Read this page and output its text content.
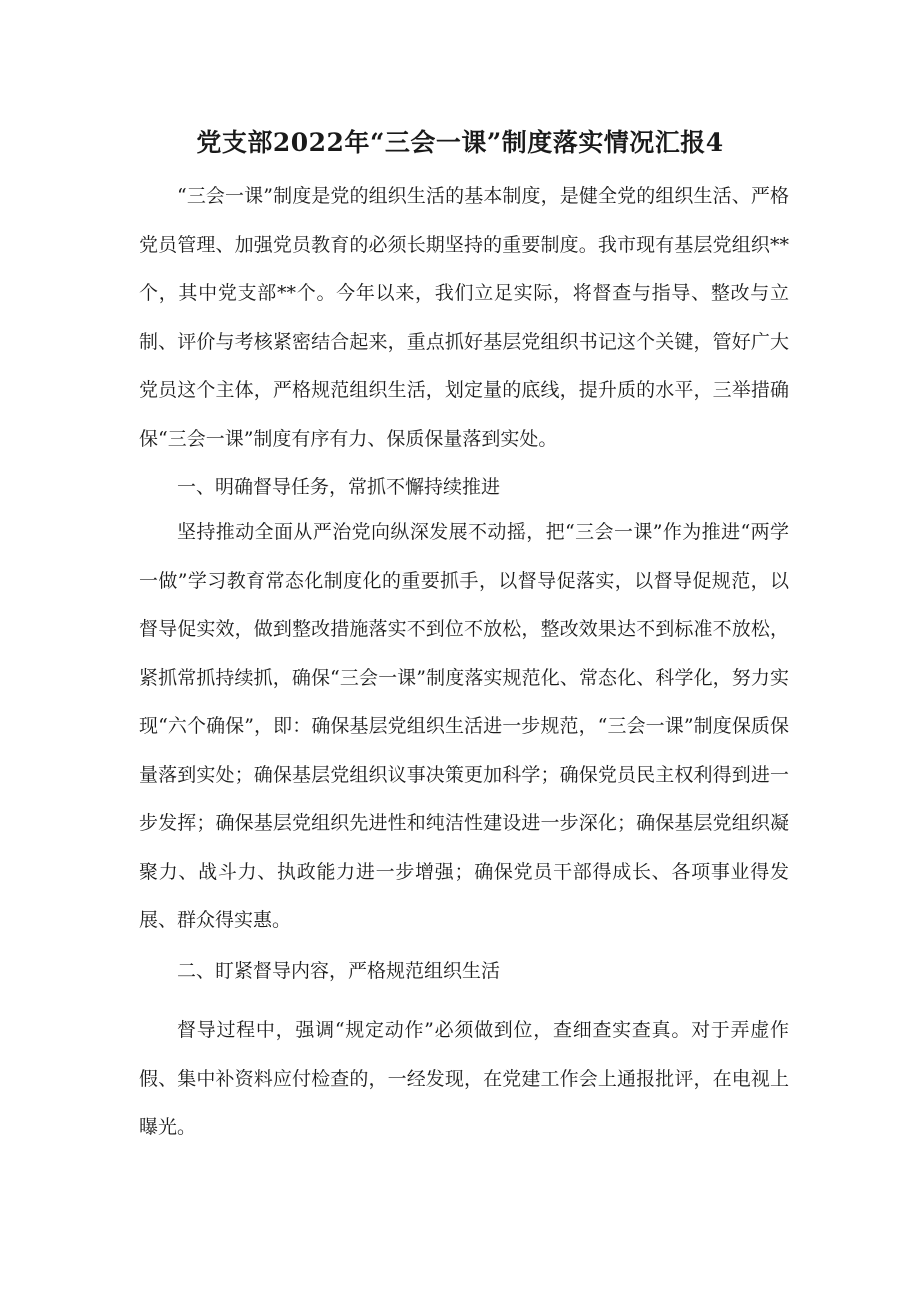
党支部2022年“三会一课”制度落实情况汇报4

“三会一课”制度是党的组织生活的基本制度，是健全党的组织生活、严格党员管理、加强党员教育的必须长期坚持的重要制度。我市现有基层党组织**个，其中党支部**个。今年以来，我们立足实际，将督查与指导、整改与立制、评价与考核紧密结合起来，重点抓好基层党组织书记这个关键，管好广大党员这个主体，严格规范组织生活，划定量的底线，提升质的水平，三举措确保“三会一课”制度有序有力、保质保量落到实处。

一、明确督导任务，常抓不懈持续推进

坚持推动全面从严治党向纵深发展不动摇，把“三会一课”作为推进“两学一做”学习教育常态化制度化的重要抓手，以督导促落实，以督导促规范，以督导促实效，做到整改措施落实不到位不放松，整改效果达不到标准不放松，紧抓常抓持续抓，确保“三会一课”制度落实规范化、常态化、科学化，努力实现“六个确保”，即：确保基层党组织生活进一步规范，“三会一课”制度保质保量落到实处；确保基层党组织议事决策更加科学；确保党员民主权利得到进一步发挥；确保基层党组织先进性和纯洁性建设进一步深化；确保基层党组织凝聚力、战斗力、执政能力进一步增强；确保党员干部得成长、各项事业得发展、群众得实惠。

二、盯紧督导内容，严格规范组织生活

督导过程中，强调“规定动作”必须做到位，查细查实查真。对于弄虚作假、集中补资料应付检查的，一经发现，在党建工作会上通报批评，在电视上曝光。
